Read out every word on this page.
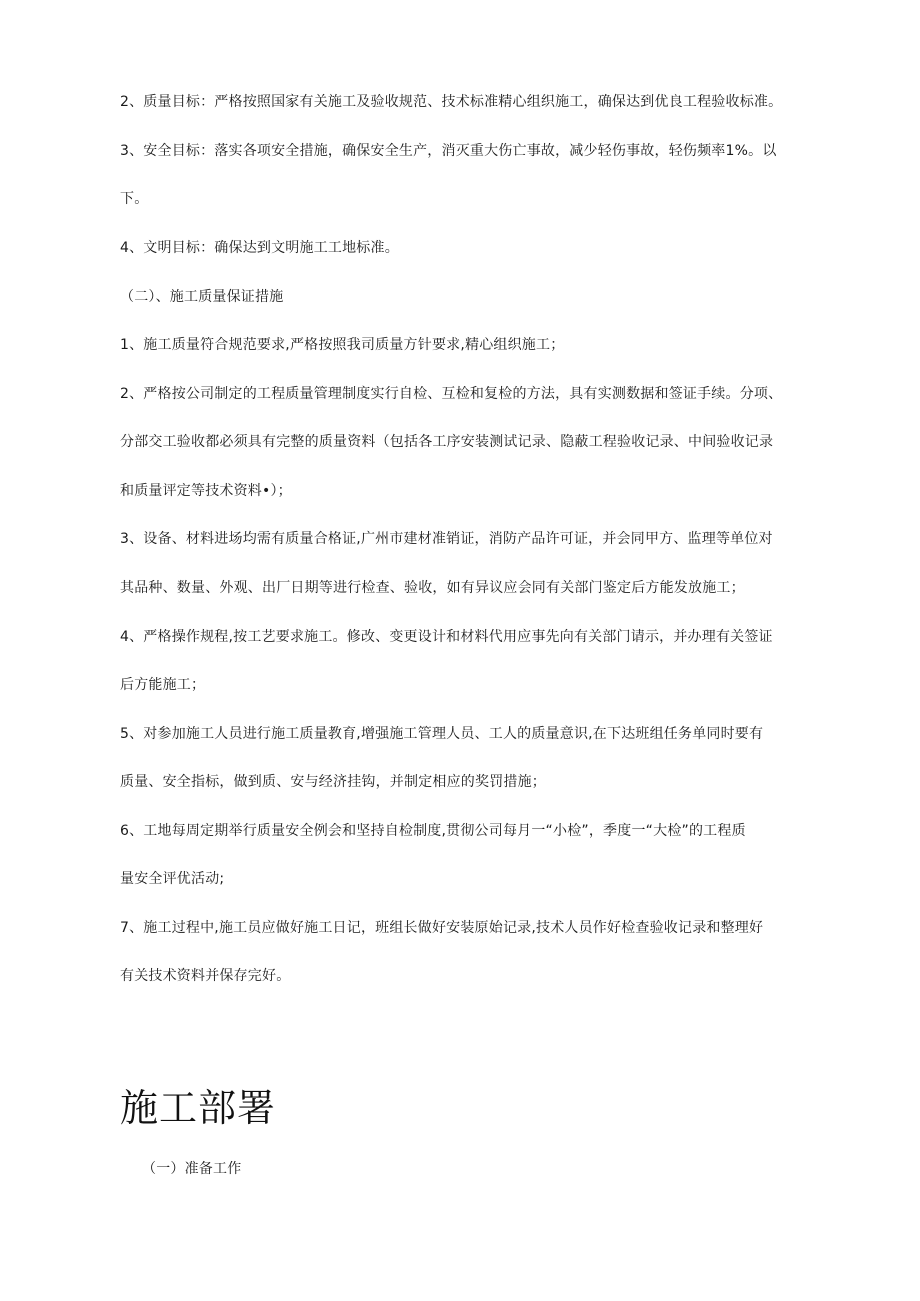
2、质量目标：严格按照国家有关施工及验收规范、技术标准精心组织施工，确保达到优良工程验收标准。
3、安全目标：落实各项安全措施，确保安全生产，消灭重大伤亡事故，减少轻伤事故，轻伤频率1%。以
下。
4、文明目标：确保达到文明施工工地标准。
（二）、施工质量保证措施
1、施工质量符合规范要求,严格按照我司质量方针要求,精心组织施工；
2、严格按公司制定的工程质量管理制度实行自检、互检和复检的方法，具有实测数据和签证手续。分项、
分部交工验收都必须具有完整的质量资料（包括各工序安装测试记录、隐蔽工程验收记录、中间验收记录
和质量评定等技术资料•）；
3、设备、材料进场均需有质量合格证,广州市建材准销证，消防产品许可证，并会同甲方、监理等单位对
其品种、数量、外观、出厂日期等进行检查、验收，如有异议应会同有关部门鉴定后方能发放施工；
4、严格操作规程,按工艺要求施工。修改、变更设计和材料代用应事先向有关部门请示，并办理有关签证
后方能施工；
5、对参加施工人员进行施工质量教育,增强施工管理人员、工人的质量意识,在下达班组任务单同时要有
质量、安全指标，做到质、安与经济挂钩，并制定相应的奖罚措施；
6、工地每周定期举行质量安全例会和坚持自检制度,贯彻公司每月一“小检”，季度一“大检”的工程质
量安全评优活动;
7、施工过程中,施工员应做好施工日记，班组长做好安装原始记录,技术人员作好检查验收记录和整理好
有关技术资料并保存完好。
施工部署
（一）准备工作
